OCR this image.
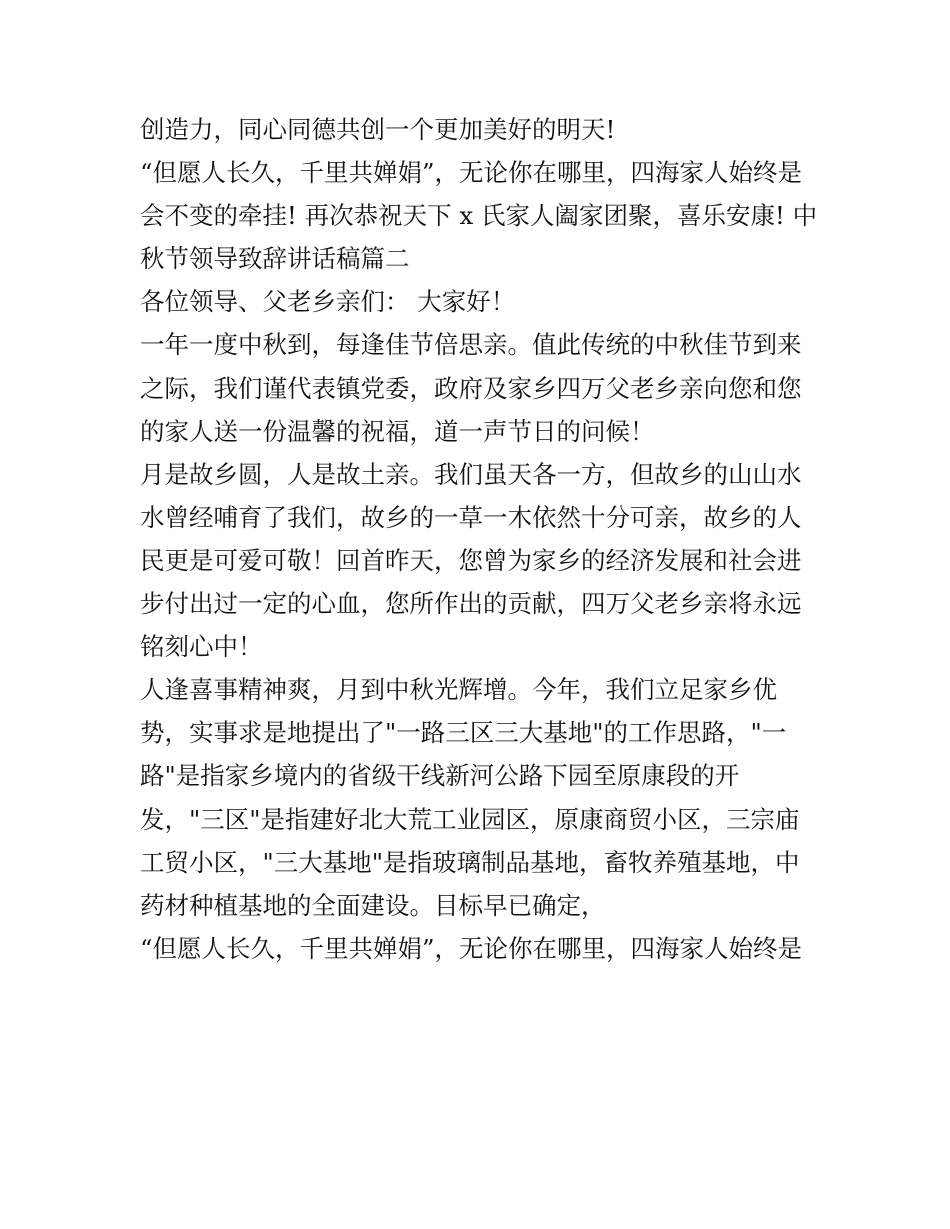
创造力，同心同德共创一个更加美好的明天!
“但愿人长久，千里共婵娟”，无论你在哪里，四海家人始终是
会不变的牵挂! 再次恭祝天下 x 氏家人阖家团聚，喜乐安康! 中
秋节领导致辞讲话稿篇二
各位领导、父老乡亲们： 大家好！
一年一度中秋到，每逢佳节倍思亲。值此传统的中秋佳节到来
之际，我们谨代表镇党委，政府及家乡四万父老乡亲向您和您
的家人送一份温馨的祝福，道一声节日的问候！
月是故乡圆，人是故土亲。我们虽天各一方，但故乡的山山水
水曾经哺育了我们，故乡的一草一木依然十分可亲，故乡的人
民更是可爱可敬！回首昨天，您曾为家乡的经济发展和社会进
步付出过一定的心血，您所作出的贡献，四万父老乡亲将永远
铭刻心中！
人逢喜事精神爽，月到中秋光辉增。今年，我们立足家乡优
势，实事求是地提出了"一路三区三大基地"的工作思路，"一
路"是指家乡境内的省级干线新河公路下园至原康段的开
发，"三区"是指建好北大荒工业园区，原康商贸小区，三宗庙
工贸小区，"三大基地"是指玻璃制品基地，畜牧养殖基地，中
药材种植基地的全面建设。目标早已确定，
“但愿人长久，千里共婵娟”，无论你在哪里，四海家人始终是
